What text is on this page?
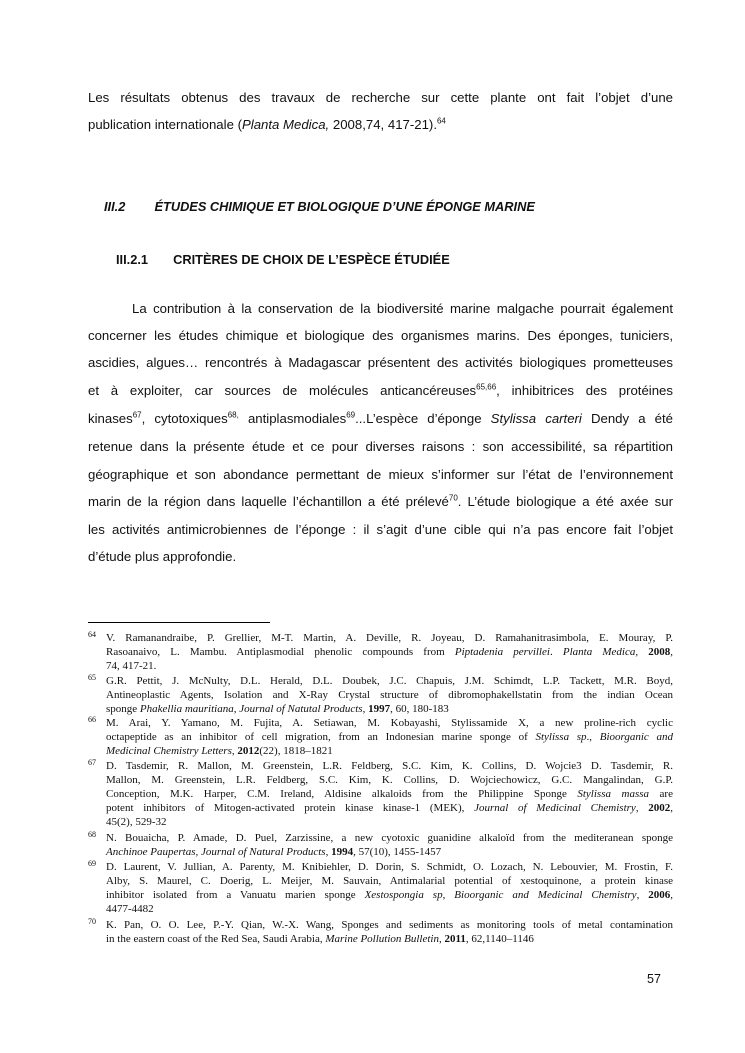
Les résultats obtenus des travaux de recherche sur cette plante ont fait l’objet d’une
publication internationale (Planta Medica, 2008,74, 417-21).$^{64}$
III.2 ÉTUDES CHIMIQUE ET BIOLOGIQUE D’UNE ÉPONGE MARINE
III.2.1 CRITÈRES DE CHOIX DE L’ESPÈCE ÉTUDIÉE
La contribution à la conservation de la biodiversité marine malgache pourrait également
concerner les études chimique et biologique des organismes marins. Des éponges, tuniciers,
ascidies, algues… rencontrés à Madagascar présentent des activités biologiques prometteuses
et à exploiter, car sources de molécules anticancéreuses$^{65,66}$, inhibitrices des protéines
kinases$^{67}$, cytotoxiques$^{68,}$ antiplasmodiales$^{69}$...L’espèce d’éponge Stylissa carteri Dendy a été
retenue dans la présente étude et ce pour diverses raisons : son accessibilité, sa répartition
géographique et son abondance permettant de mieux s’informer sur l’état de l’environnement
marin de la région dans laquelle l’échantillon a été prélevé$^{70}$. L’étude biologique a été axée sur
les activités antimicrobiennes de l’éponge : il s’agit d’une cible qui n’a pas encore fait l’objet
d’étude plus approfondie.
64 V. Ramanandraibe, P. Grellier, M-T. Martin, A. Deville, R. Joyeau, D. Ramahanitrasimbola, E. Mouray, P.
Rasoanaivo, L. Mambu. Antiplasmodial phenolic compounds from Piptadenia pervillei. Planta Medica, 2008,
74, 417-21.
65 G.R. Pettit, J. McNulty, D.L. Herald, D.L. Doubek, J.C. Chapuis, J.M. Schimdt, L.P. Tackett, M.R. Boyd,
Antineoplastic Agents, Isolation and X-Ray Crystal structure of dibromophakellstatin from the indian Ocean
sponge Phakellia mauritiana, Journal of Natutal Products, 1997, 60, 180-183
66 M. Arai, Y. Yamano, M. Fujita, A. Setiawan, M. Kobayashi, Stylissamide X, a new proline-rich cyclic
octapeptide as an inhibitor of cell migration, from an Indonesian marine sponge of Stylissa sp., Bioorganic and
Medicinal Chemistry Letters, 2012(22), 1818–1821
67 D. Tasdemir, R. Mallon, M. Greenstein, L.R. Feldberg, S.C. Kim, K. Collins, D. Wojcie3 D. Tasdemir, R.
Mallon, M. Greenstein, L.R. Feldberg, S.C. Kim, K. Collins, D. Wojciechowicz, G.C. Mangalindan, G.P.
Conception, M.K. Harper, C.M. Ireland, Aldisine alkaloids from the Philippine Sponge Stylissa massa are
potent inhibitors of Mitogen-activated protein kinase kinase-1 (MEK), Journal of Medicinal Chemistry, 2002,
45(2), 529-32
68 N. Bouaicha, P. Amade, D. Puel, Zarzissine, a new cyotoxic guanidine alkaloïd from the mediteranean sponge
Anchinoe Paupertas, Journal of Natural Products, 1994, 57(10), 1455-1457
69 D. Laurent, V. Jullian, A. Parenty, M. Knibiehler, D. Dorin, S. Schmidt, O. Lozach, N. Lebouvier, M. Frostin, F.
Alby, S. Maurel, C. Doerig, L. Meijer, M. Sauvain, Antimalarial potential of xestoquinone, a protein kinase
inhibitor isolated from a Vanuatu marien sponge Xestospongia sp, Bioorganic and Medicinal Chemistry, 2006,
4477-4482
70 K. Pan, O. O. Lee, P.-Y. Qian, W.-X. Wang, Sponges and sediments as monitoring tools of metal contamination
in the eastern coast of the Red Sea, Saudi Arabia, Marine Pollution Bulletin, 2011, 62,1140–1146
57
